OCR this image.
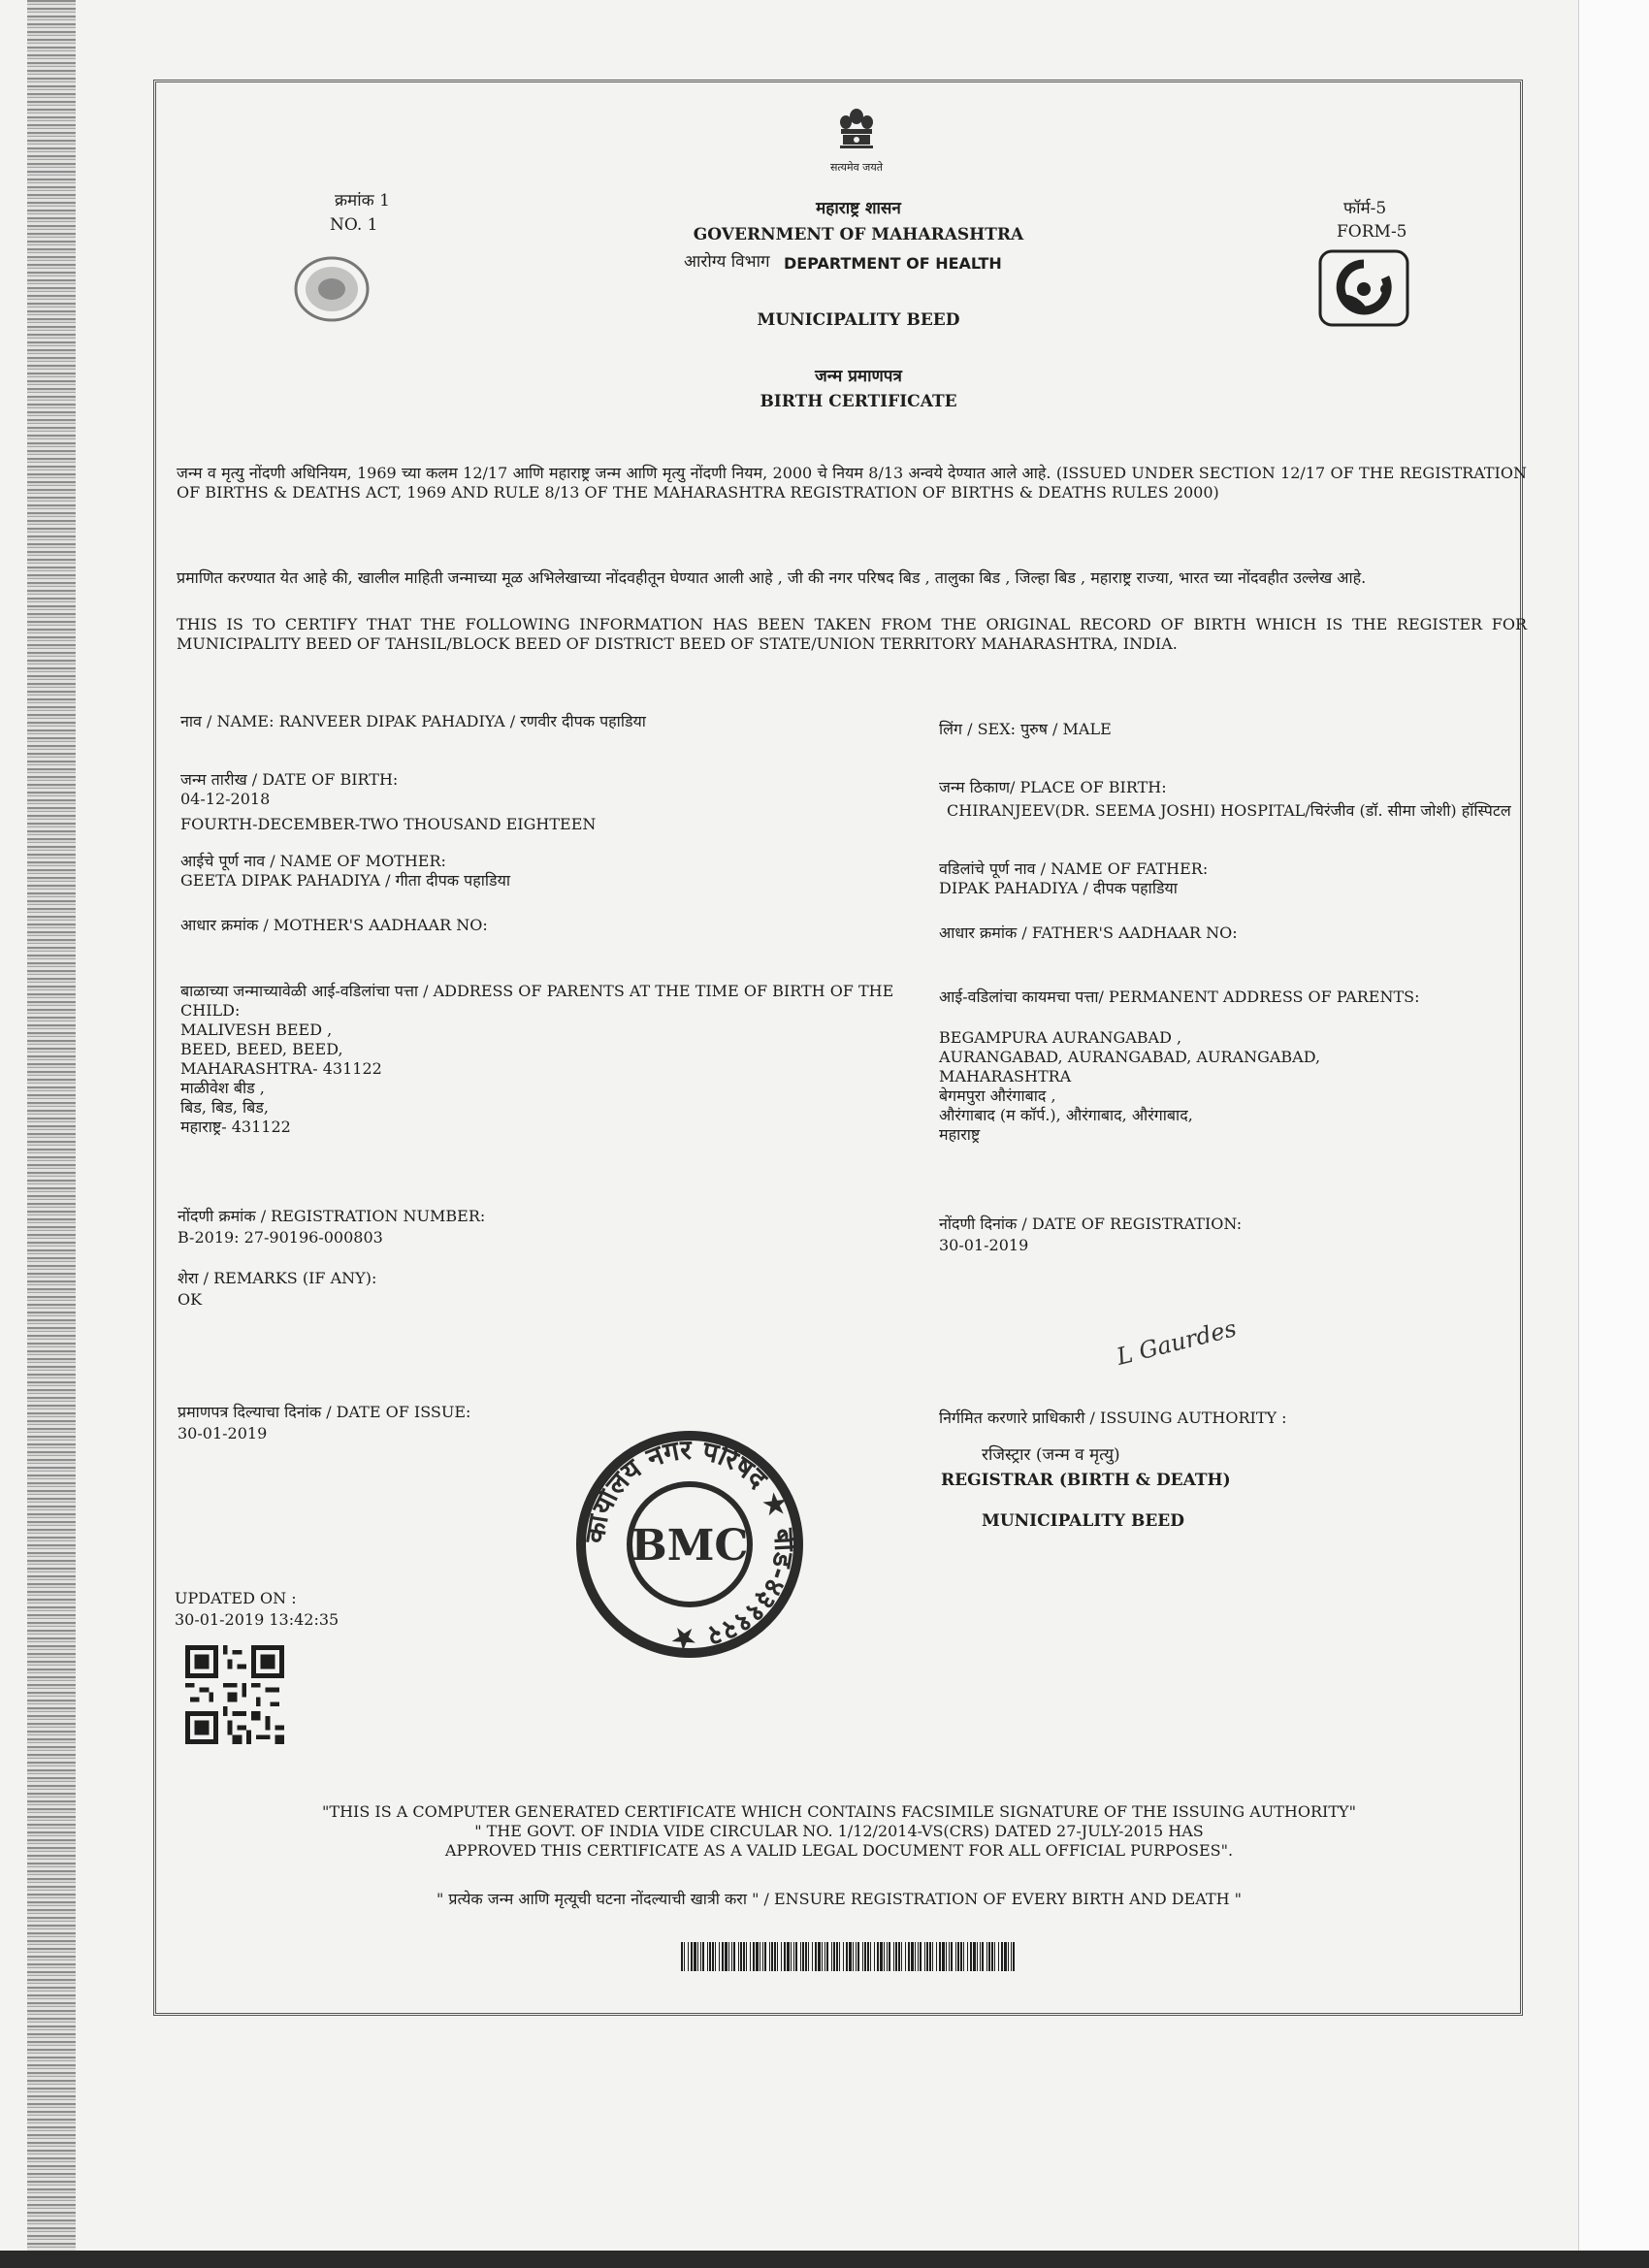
सत्यमेव जयते
क्रमांक 1
NO. 1
महाराष्ट्र शासन
GOVERNMENT OF MAHARASHTRA
आरोग्य विभाग DEPARTMENT OF HEALTH
MUNICIPALITY BEED
जन्म प्रमाणपत्र
BIRTH CERTIFICATE
फॉर्म-5
FORM-5
जन्म व मृत्यु नोंदणी अधिनियम, 1969 च्या कलम 12/17 आणि महाराष्ट्र जन्म आणि मृत्यु नोंदणी नियम, 2000 चे नियम 8/13 अन्वये देण्यात आले आहे. (ISSUED UNDER SECTION 12/17 OF THE REGISTRATION OF BIRTHS & DEATHS ACT, 1969 AND RULE 8/13 OF THE MAHARASHTRA REGISTRATION OF BIRTHS & DEATHS RULES 2000)
प्रमाणित करण्यात येत आहे की, खालील माहिती जन्माच्या मूळ अभिलेखाच्या नोंदवहीतून घेण्यात आली आहे , जी की नगर परिषद बिड , तालुका बिड , जिल्हा बिड , महाराष्ट्र राज्या, भारत च्या नोंदवहीत उल्लेख आहे.
THIS IS TO CERTIFY THAT THE FOLLOWING INFORMATION HAS BEEN TAKEN FROM THE ORIGINAL RECORD OF BIRTH WHICH IS THE REGISTER FOR MUNICIPALITY BEED OF TAHSIL/BLOCK BEED OF DISTRICT BEED OF STATE/UNION TERRITORY MAHARASHTRA, INDIA.
नाव / NAME: RANVEER DIPAK PAHADIYA / रणवीर दीपक पहाडिया	लिंग / SEX: पुरुष / MALE
जन्म तारीख / DATE OF BIRTH:
04-12-2018
FOURTH-DECEMBER-TWO THOUSAND EIGHTEEN
जन्म ठिकाण/ PLACE OF BIRTH:
CHIRANJEEV(DR. SEEMA JOSHI) HOSPITAL/चिरंजीव (डॉ. सीमा जोशी) हॉस्पिटल
आईचे पूर्ण नाव / NAME OF MOTHER:
GEETA DIPAK PAHADIYA / गीता दीपक पहाडिया
वडिलांचे पूर्ण नाव / NAME OF FATHER:
DIPAK PAHADIYA / दीपक पहाडिया
आधार क्रमांक / MOTHER'S AADHAAR NO:	आधार क्रमांक / FATHER'S AADHAAR NO:
बाळाच्या जन्माच्यावेळी आई-वडिलांचा पत्ता / ADDRESS OF PARENTS AT THE TIME OF BIRTH OF THE CHILD:
MALIVESH BEED ,
BEED, BEED, BEED,
MAHARASHTRA- 431122
माळीवेश बीड ,
बिड, बिड, बिड,
महाराष्ट्र- 431122
आई-वडिलांचा कायमचा पत्ता/ PERMANENT ADDRESS OF PARENTS:
BEGAMPURA AURANGABAD ,
AURANGABAD, AURANGABAD, AURANGABAD,
MAHARASHTRA
बेगमपुरा औरंगाबाद ,
औरंगाबाद (म कॉर्प.), औरंगाबाद, औरंगाबाद,
महाराष्ट्र
नोंदणी क्रमांक / REGISTRATION NUMBER:
B-2019: 27-90196-000803
नोंदणी दिनांक / DATE OF REGISTRATION:
30-01-2019
शेरा / REMARKS (IF ANY):
OK
L Gaurdes
प्रमाणपत्र दिल्याचा दिनांक / DATE OF ISSUE:
30-01-2019
निर्गमित करणारे प्राधिकारी / ISSUING AUTHORITY :
रजिस्ट्रार (जन्म व मृत्यु)
REGISTRAR (BIRTH & DEATH)
MUNICIPALITY BEED
कार्यालय नगर परिषद ★ बीड-४३११२२ ★
BMC
UPDATED ON :
30-01-2019 13:42:35
"THIS IS A COMPUTER GENERATED CERTIFICATE WHICH CONTAINS FACSIMILE SIGNATURE OF THE ISSUING AUTHORITY"
" THE GOVT. OF INDIA VIDE CIRCULAR NO. 1/12/2014-VS(CRS) DATED 27-JULY-2015 HAS
APPROVED THIS CERTIFICATE AS A VALID LEGAL DOCUMENT FOR ALL OFFICIAL PURPOSES".
" प्रत्येक जन्म आणि मृत्यूची घटना नोंदल्याची खात्री करा " / ENSURE REGISTRATION OF EVERY BIRTH AND DEATH "
